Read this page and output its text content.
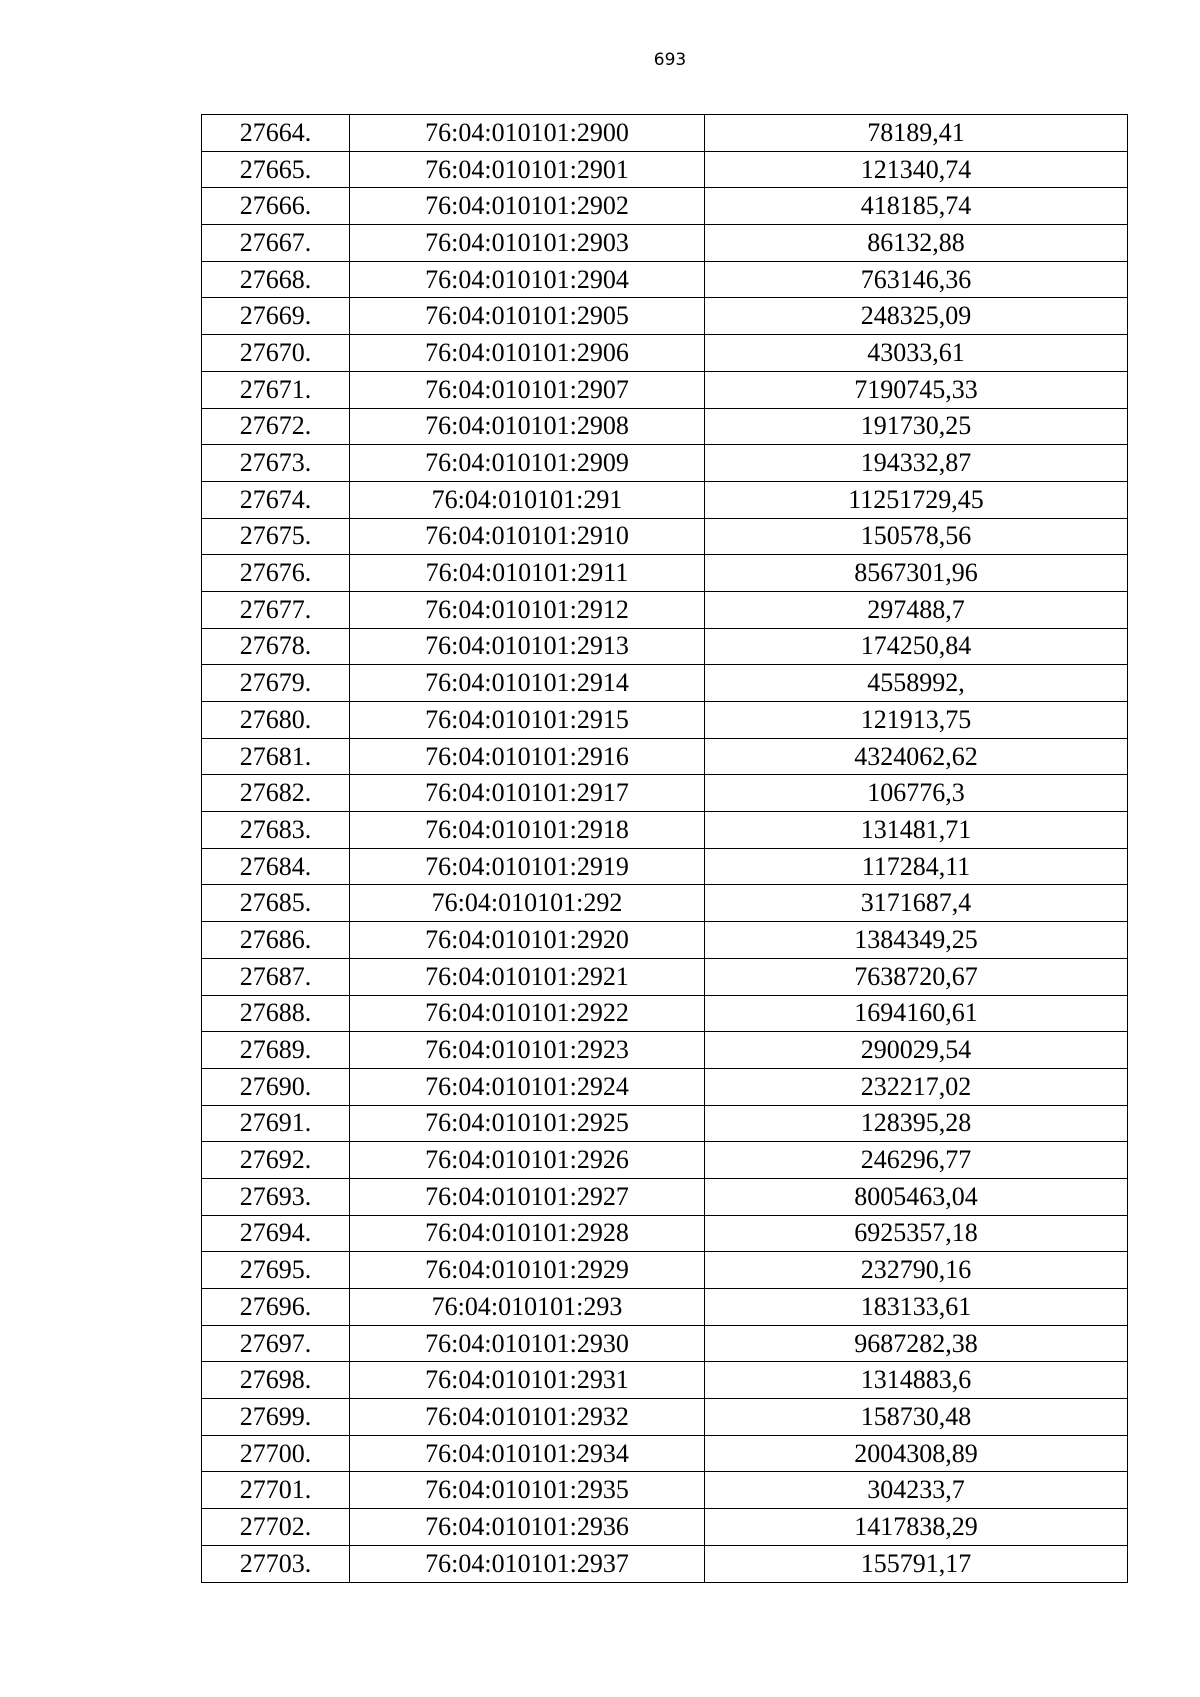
693
27664.	76:04:010101:2900	78189,41
27665.	76:04:010101:2901	121340,74
27666.	76:04:010101:2902	418185,74
27667.	76:04:010101:2903	86132,88
27668.	76:04:010101:2904	763146,36
27669.	76:04:010101:2905	248325,09
27670.	76:04:010101:2906	43033,61
27671.	76:04:010101:2907	7190745,33
27672.	76:04:010101:2908	191730,25
27673.	76:04:010101:2909	194332,87
27674.	76:04:010101:291	11251729,45
27675.	76:04:010101:2910	150578,56
27676.	76:04:010101:2911	8567301,96
27677.	76:04:010101:2912	297488,7
27678.	76:04:010101:2913	174250,84
27679.	76:04:010101:2914	4558992,
27680.	76:04:010101:2915	121913,75
27681.	76:04:010101:2916	4324062,62
27682.	76:04:010101:2917	106776,3
27683.	76:04:010101:2918	131481,71
27684.	76:04:010101:2919	117284,11
27685.	76:04:010101:292	3171687,4
27686.	76:04:010101:2920	1384349,25
27687.	76:04:010101:2921	7638720,67
27688.	76:04:010101:2922	1694160,61
27689.	76:04:010101:2923	290029,54
27690.	76:04:010101:2924	232217,02
27691.	76:04:010101:2925	128395,28
27692.	76:04:010101:2926	246296,77
27693.	76:04:010101:2927	8005463,04
27694.	76:04:010101:2928	6925357,18
27695.	76:04:010101:2929	232790,16
27696.	76:04:010101:293	183133,61
27697.	76:04:010101:2930	9687282,38
27698.	76:04:010101:2931	1314883,6
27699.	76:04:010101:2932	158730,48
27700.	76:04:010101:2934	2004308,89
27701.	76:04:010101:2935	304233,7
27702.	76:04:010101:2936	1417838,29
27703.	76:04:010101:2937	155791,17
